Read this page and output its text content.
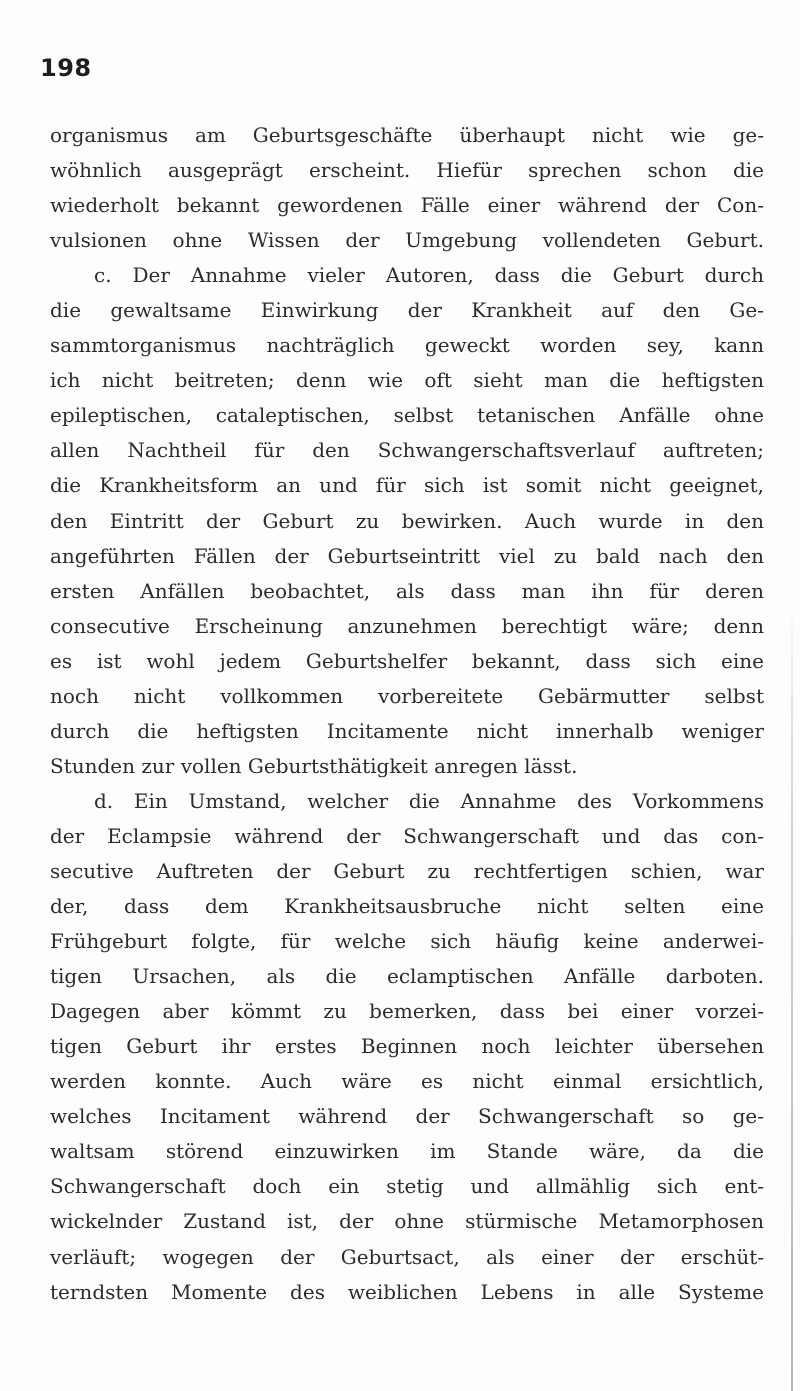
198
organismus am Geburtsgeschäfte überhaupt nicht wie ge-
wöhnlich ausgeprägt erscheint. Hiefür sprechen schon die
wiederholt bekannt gewordenen Fälle einer während der Con-
vulsionen ohne Wissen der Umgebung vollendeten Geburt.
c. Der Annahme vieler Autoren, dass die Geburt durch
die gewaltsame Einwirkung der Krankheit auf den Ge-
sammtorganismus nachträglich geweckt worden sey, kann
ich nicht beitreten; denn wie oft sieht man die heftigsten
epileptischen, cataleptischen, selbst tetanischen Anfälle ohne
allen Nachtheil für den Schwangerschaftsverlauf auftreten;
die Krankheitsform an und für sich ist somit nicht geeignet,
den Eintritt der Geburt zu bewirken. Auch wurde in den
angeführten Fällen der Geburtseintritt viel zu bald nach den
ersten Anfällen beobachtet, als dass man ihn für deren
consecutive Erscheinung anzunehmen berechtigt wäre; denn
es ist wohl jedem Geburtshelfer bekannt, dass sich eine
noch nicht vollkommen vorbereitete Gebärmutter selbst
durch die heftigsten Incitamente nicht innerhalb weniger
Stunden zur vollen Geburtsthätigkeit anregen lässt.
d. Ein Umstand, welcher die Annahme des Vorkommens
der Eclampsie während der Schwangerschaft und das con-
secutive Auftreten der Geburt zu rechtfertigen schien, war
der, dass dem Krankheitsausbruche nicht selten eine
Frühgeburt folgte, für welche sich häufig keine anderwei-
tigen Ursachen, als die eclamptischen Anfälle darboten.
Dagegen aber kömmt zu bemerken, dass bei einer vorzei-
tigen Geburt ihr erstes Beginnen noch leichter übersehen
werden konnte. Auch wäre es nicht einmal ersichtlich,
welches Incitament während der Schwangerschaft so ge-
waltsam störend einzuwirken im Stande wäre, da die
Schwangerschaft doch ein stetig und allmählig sich ent-
wickelnder Zustand ist, der ohne stürmische Metamorphosen
verläuft; wogegen der Geburtsact, als einer der erschüt-
terndsten Momente des weiblichen Lebens in alle Systeme
